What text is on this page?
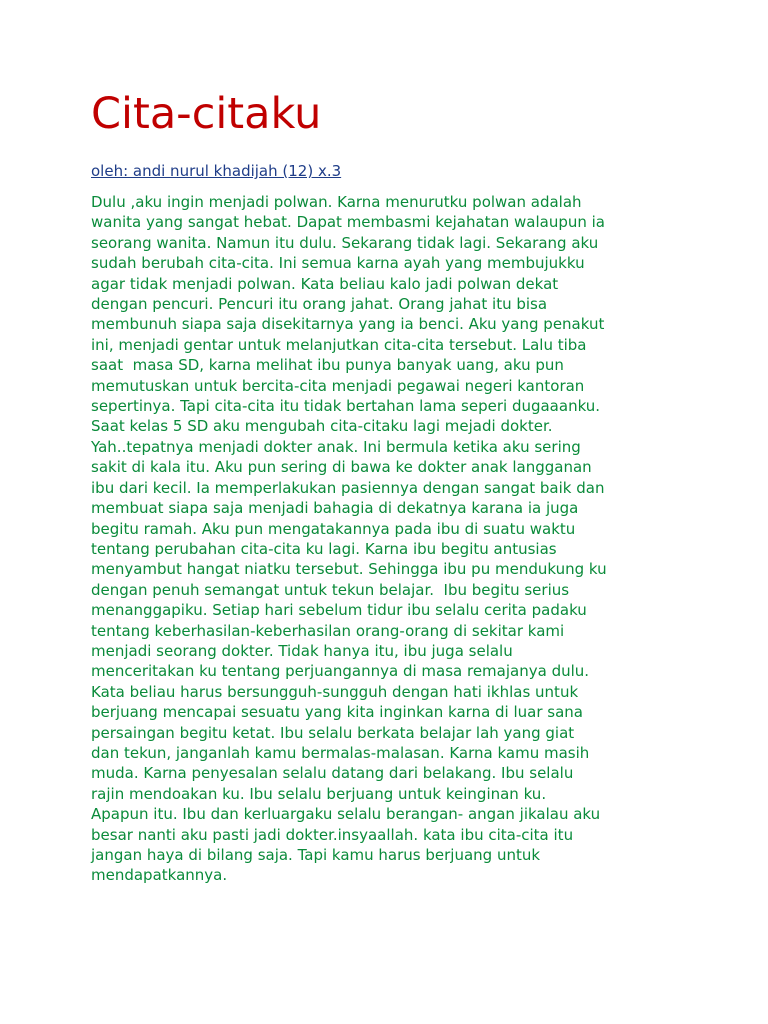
Cita-citaku

oleh: andi nurul khadijah (12) x.3

Dulu ,aku ingin menjadi polwan. Karna menurutku polwan adalah
wanita yang sangat hebat. Dapat membasmi kejahatan walaupun ia
seorang wanita. Namun itu dulu. Sekarang tidak lagi. Sekarang aku
sudah berubah cita-cita. Ini semua karna ayah yang membujukku
agar tidak menjadi polwan. Kata beliau kalo jadi polwan dekat
dengan pencuri. Pencuri itu orang jahat. Orang jahat itu bisa
membunuh siapa saja disekitarnya yang ia benci. Aku yang penakut
ini, menjadi gentar untuk melanjutkan cita-cita tersebut. Lalu tiba
saat  masa SD, karna melihat ibu punya banyak uang, aku pun
memutuskan untuk bercita-cita menjadi pegawai negeri kantoran
sepertinya. Tapi cita-cita itu tidak bertahan lama seperi dugaaanku.
Saat kelas 5 SD aku mengubah cita-citaku lagi mejadi dokter.
Yah..tepatnya menjadi dokter anak. Ini bermula ketika aku sering
sakit di kala itu. Aku pun sering di bawa ke dokter anak langganan
ibu dari kecil. Ia memperlakukan pasiennya dengan sangat baik dan
membuat siapa saja menjadi bahagia di dekatnya karana ia juga
begitu ramah. Aku pun mengatakannya pada ibu di suatu waktu
tentang perubahan cita-cita ku lagi. Karna ibu begitu antusias
menyambut hangat niatku tersebut. Sehingga ibu pu mendukung ku
dengan penuh semangat untuk tekun belajar.  Ibu begitu serius
menanggapiku. Setiap hari sebelum tidur ibu selalu cerita padaku
tentang keberhasilan-keberhasilan orang-orang di sekitar kami
menjadi seorang dokter. Tidak hanya itu, ibu juga selalu
menceritakan ku tentang perjuangannya di masa remajanya dulu.
Kata beliau harus bersungguh-sungguh dengan hati ikhlas untuk
berjuang mencapai sesuatu yang kita inginkan karna di luar sana
persaingan begitu ketat. Ibu selalu berkata belajar lah yang giat
dan tekun, janganlah kamu bermalas-malasan. Karna kamu masih
muda. Karna penyesalan selalu datang dari belakang. Ibu selalu
rajin mendoakan ku. Ibu selalu berjuang untuk keinginan ku.
Apapun itu. Ibu dan kerluargaku selalu berangan- angan jikalau aku
besar nanti aku pasti jadi dokter.insyaallah. kata ibu cita-cita itu
jangan haya di bilang saja. Tapi kamu harus berjuang untuk
mendapatkannya.
